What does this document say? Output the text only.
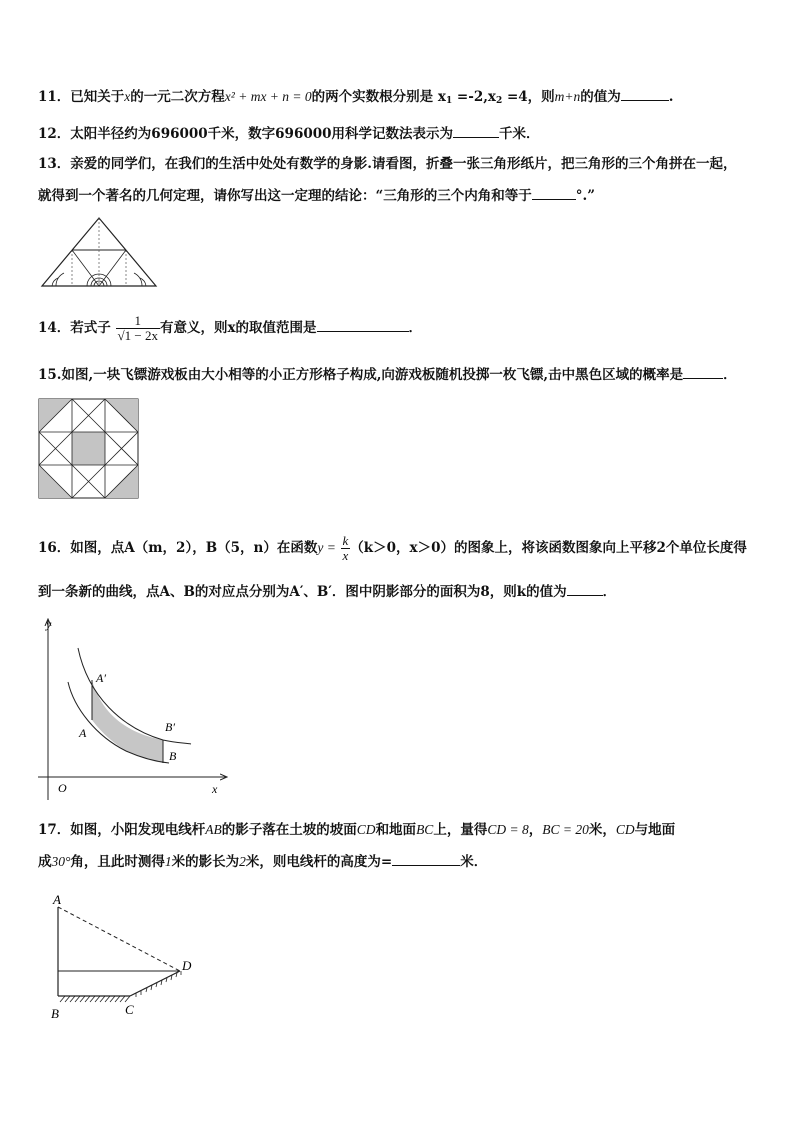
11．已知关于x的一元二次方程x² + mx + n = 0的两个实数根分别是 $x_1 =-2,x_2 =4$，则m+n的值为	.
12．太阳半径约为696000千米，数字696000用科学记数法表示为	千米．
13．亲爱的同学们，在我们的生活中处处有数学的身影.请看图，折叠一张三角形纸片，把三角形的三个角拼在一起，
就得到一个著名的几何定理，请你写出这一定理的结论：“三角形的三个内角和等于	°.”
14．若式子 $\frac{1}{√1 - 2x}$ 有意义，则x的取值范围是	．
15.如图,一块飞镖游戏板由大小相等的小正方形格子构成,向游戏板随机投掷一枚飞镖,击中黑色区域的概率是	．
16．如图，点A（m，2），B（5，n）在函数$y = \frac{k}{x} (k>0$，x＞0）的图象上，将该函数图象向上平移2个单位长度得
到一条新的曲线，点A、B的对应点分别为A′、B′．图中阴影部分的面积为8，则k的值为	．
y
x
O
A′
A	B′
B
17．如图，小阳发现电线杆AB的影子落在土坡的坡面CD和地面BC上，量得CD = 8，BC = 20米，CD与地面
成30°角，且此时测得1米的影长为2米，则电线杆的高度为=	米．
A
B	C
D
